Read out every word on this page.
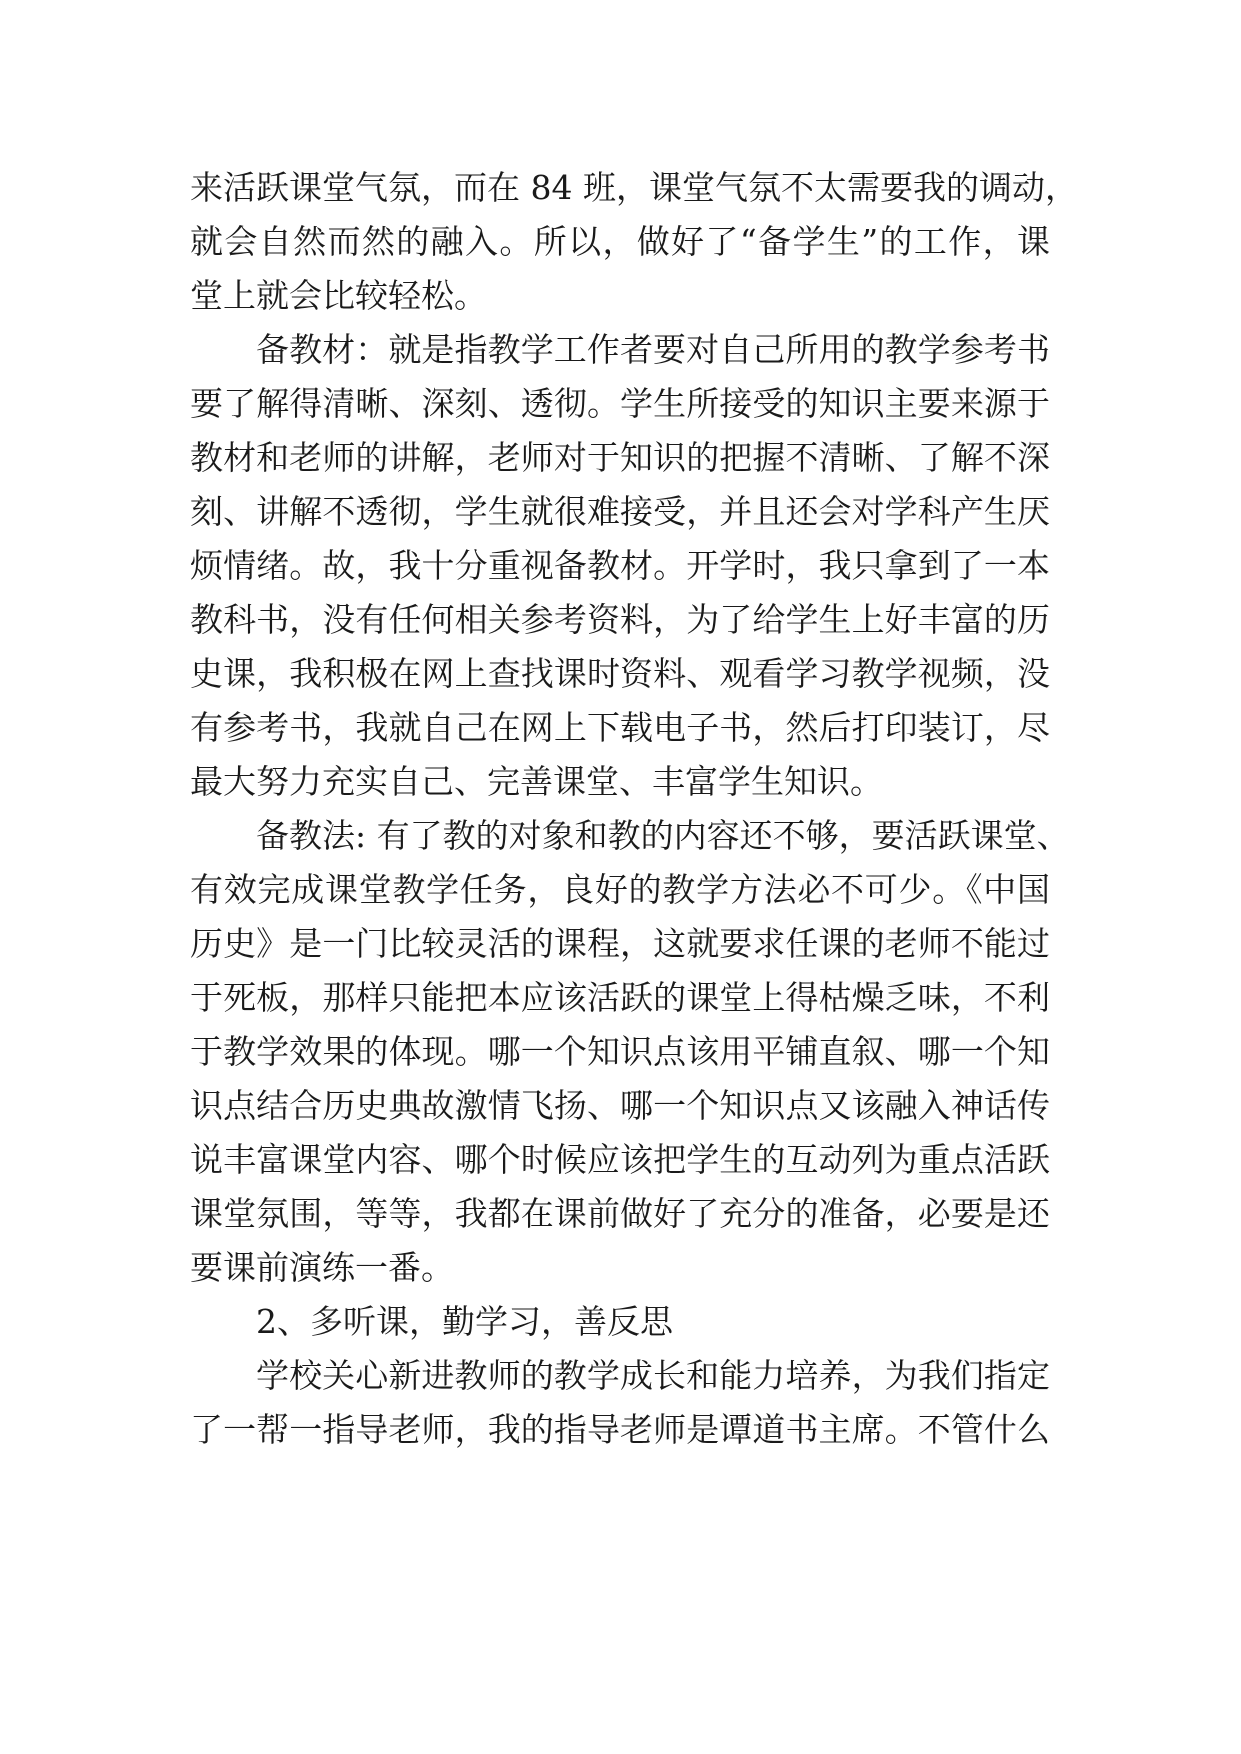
来活跃课堂气氛，而在 84 班，课堂气氛不太需要我的调动，
就会自然而然的融入。所以，做好了“备学生”的工作，课
堂上就会比较轻松。
备教材：就是指教学工作者要对自己所用的教学参考书
要了解得清晰、深刻、透彻。学生所接受的知识主要来源于
教材和老师的讲解，老师对于知识的把握不清晰、了解不深
刻、讲解不透彻，学生就很难接受，并且还会对学科产生厌
烦情绪。故，我十分重视备教材。开学时，我只拿到了一本
教科书，没有任何相关参考资料，为了给学生上好丰富的历
史课，我积极在网上查找课时资料、观看学习教学视频，没
有参考书，我就自己在网上下载电子书，然后打印装订，尽
最大努力充实自己、完善课堂、丰富学生知识。
备教法: 有了教的对象和教的内容还不够，要活跃课堂、
有效完成课堂教学任务，良好的教学方法必不可少。《中国
历史》是一门比较灵活的课程，这就要求任课的老师不能过
于死板，那样只能把本应该活跃的课堂上得枯燥乏味，不利
于教学效果的体现。哪一个知识点该用平铺直叙、哪一个知
识点结合历史典故激情飞扬、哪一个知识点又该融入神话传
说丰富课堂内容、哪个时候应该把学生的互动列为重点活跃
课堂氛围，等等，我都在课前做好了充分的准备，必要是还
要课前演练一番。
2、多听课，勤学习，善反思
学校关心新进教师的教学成长和能力培养，为我们指定
了一帮一指导老师，我的指导老师是谭道书主席。不管什么
